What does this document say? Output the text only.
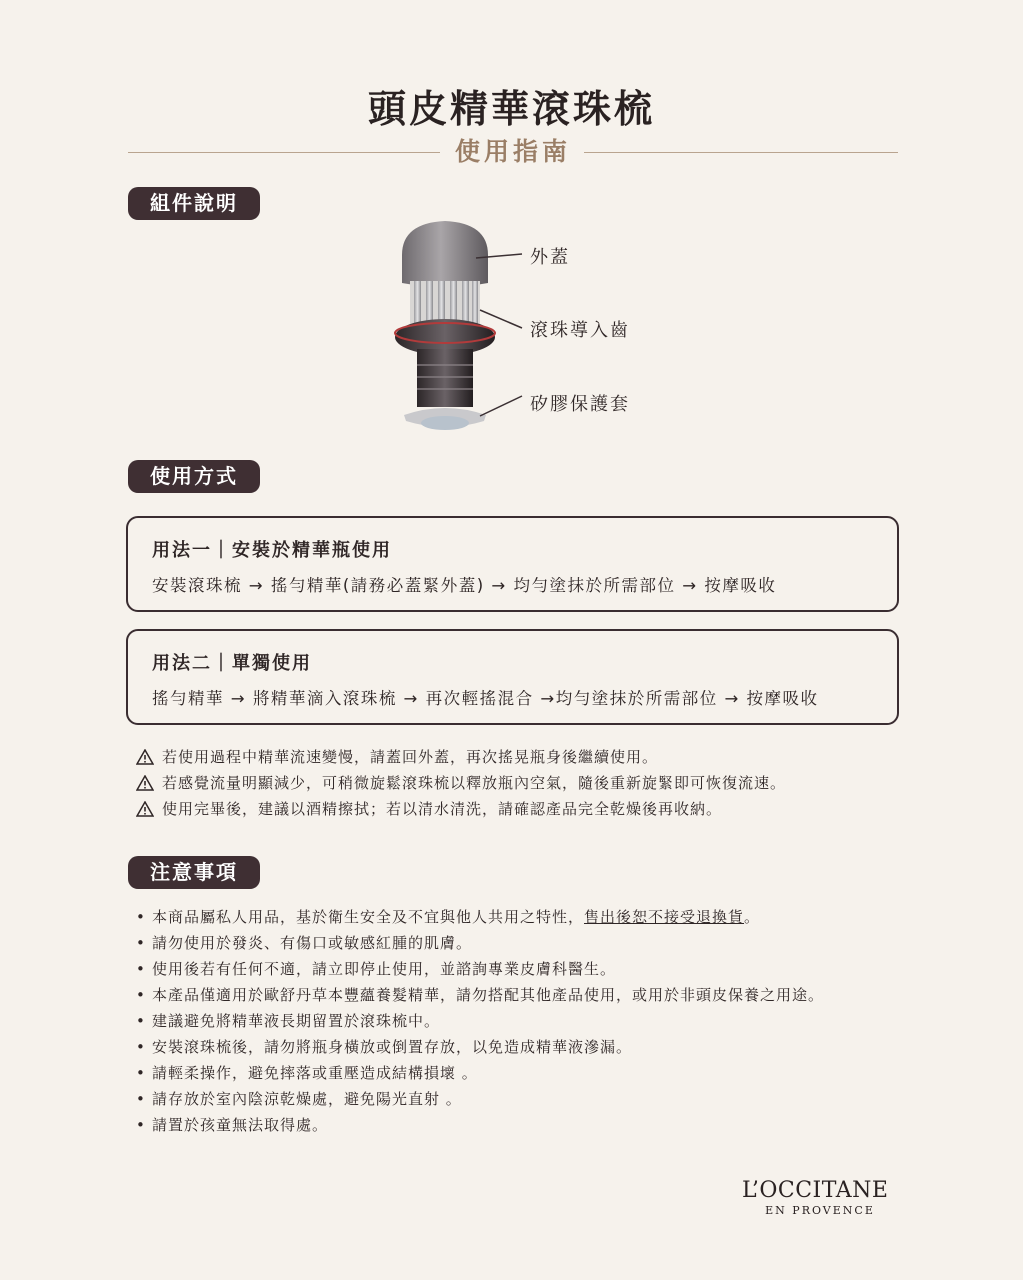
頭皮精華滾珠梳
使用指南
組件說明
外蓋
滾珠導入齒
矽膠保護套
使用方式
用法一｜安裝於精華瓶使用
安裝滾珠梳 → 搖勻精華(請務必蓋緊外蓋) → 均勻塗抹於所需部位 → 按摩吸收
用法二｜單獨使用
搖勻精華 → 將精華滴入滾珠梳 → 再次輕搖混合 →均勻塗抹於所需部位 → 按摩吸收
若使用過程中精華流速變慢，請蓋回外蓋，再次搖晃瓶身後繼續使用。
若感覺流量明顯減少，可稍微旋鬆滾珠梳以釋放瓶內空氣，隨後重新旋緊即可恢復流速。
使用完畢後，建議以酒精擦拭；若以清水清洗，請確認產品完全乾燥後再收納。
注意事項
• 本商品屬私人用品，基於衛生安全及不宜與他人共用之特性，售出後恕不接受退換貨。
• 請勿使用於發炎、有傷口或敏感紅腫的肌膚。
• 使用後若有任何不適，請立即停止使用，並諮詢專業皮膚科醫生。
• 本產品僅適用於歐舒丹草本豐蘊養髮精華，請勿搭配其他產品使用，或用於非頭皮保養之用途。
• 建議避免將精華液長期留置於滾珠梳中。
• 安裝滾珠梳後，請勿將瓶身橫放或倒置存放，以免造成精華液滲漏。
• 請輕柔操作，避免摔落或重壓造成結構損壞 。
• 請存放於室內陰涼乾燥處，避免陽光直射 。
• 請置於孩童無法取得處。
L’OCCITANE
EN PROVENCE
